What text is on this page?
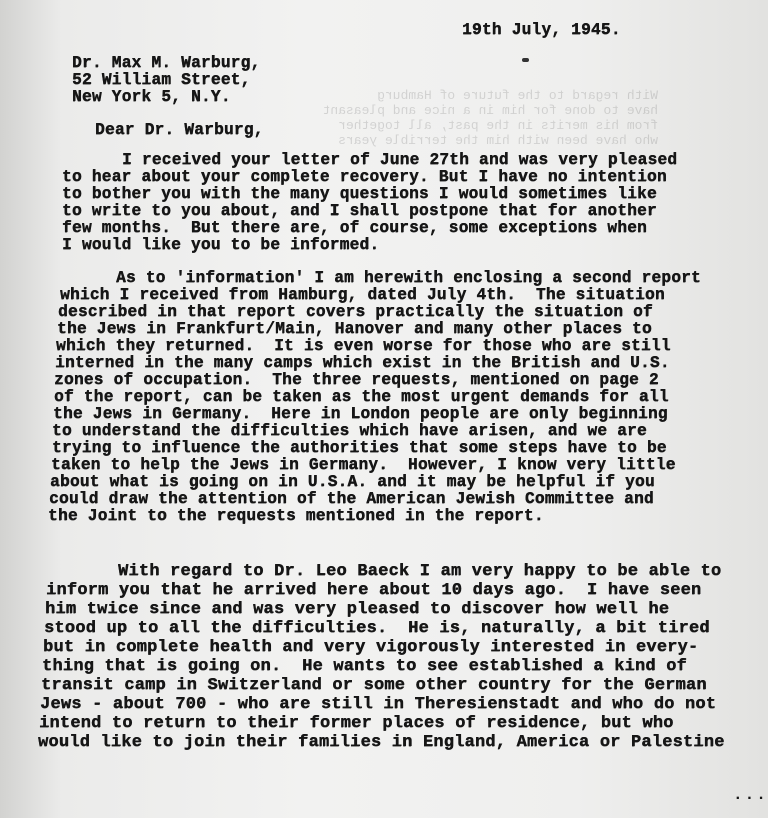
With regard to the future of Hamburg
have to done for him in a nice and pleasant
from his merits in the past, all together
who have been with him the terrible years

19th July, 1945.

Dr. Max M. Warburg,

52 William Street,

New York 5, N.Y.

Dear Dr. Warburg,

I received your letter of June 27th and was very pleased

to hear about your complete recovery. But I have no intention

to bother you with the many questions I would sometimes like

to write to you about, and I shall postpone that for another

few months.  But there are, of course, some exceptions when

I would like you to be informed.

As to 'information' I am herewith enclosing a second report

which I received from Hamburg, dated July 4th.  The situation

described in that report covers practically the situation of

the Jews in Frankfurt/Main, Hanover and many other places to

which they returned.  It is even worse for those who are still

interned in the many camps which exist in the British and U.S.

zones of occupation.  The three requests, mentioned on page 2

of the report, can be taken as the most urgent demands for all

the Jews in Germany.  Here in London people are only beginning

to understand the difficulties which have arisen, and we are

trying to influence the authorities that some steps have to be

taken to help the Jews in Germany.  However, I know very little

about what is going on in U.S.A. and it may be helpful if you

could draw the attention of the American Jewish Committee and

the Joint to the requests mentioned in the report.

With regard to Dr. Leo Baeck I am very happy to be able to

inform you that he arrived here about 10 days ago.  I have seen

him twice since and was very pleased to discover how well he

stood up to all the difficulties.  He is, naturally, a bit tired

but in complete health and very vigorously interested in every-

thing that is going on.  He wants to see established a kind of

transit camp in Switzerland or some other country for the German

Jews - about 700 - who are still in Theresienstadt and who do not

intend to return to their former places of residence, but who

would like to join their families in England, America or Palestine

...
